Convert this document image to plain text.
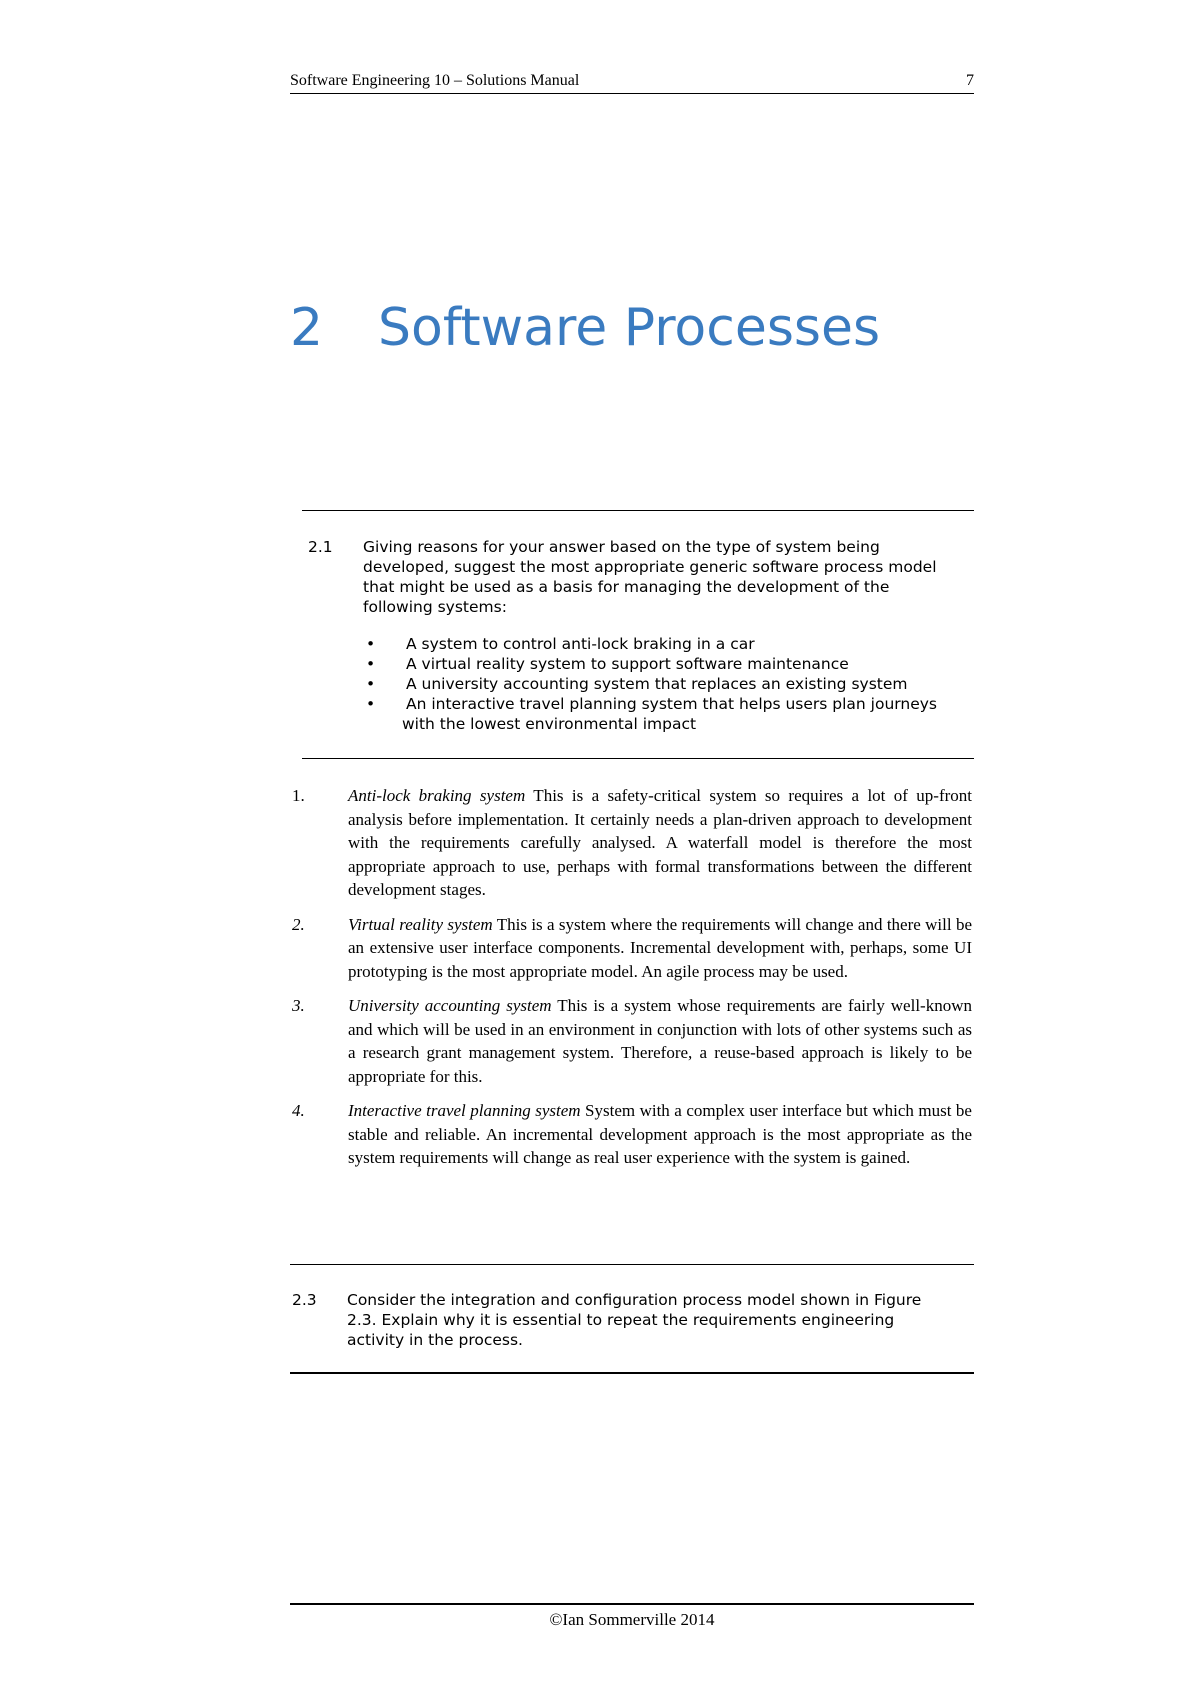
Software Engineering 10 – Solutions Manual	7
2 Software Processes
2.1 Giving reasons for your answer based on the type of system being
developed, suggest the most appropriate generic software process model
that might be used as a basis for managing the development of the
following systems:
• A system to control anti-lock braking in a car
• A virtual reality system to support software maintenance
• A university accounting system that replaces an existing system
• An interactive travel planning system that helps users plan journeys
with the lowest environmental impact
1.	Anti-lock braking system This is a safety-critical system so requires a lot of up-front analysis before implementation. It certainly needs a plan-driven approach to development with the requirements carefully analysed. A waterfall model is therefore the most appropriate approach to use, perhaps with formal transformations between the different development stages.
2.	Virtual reality system This is a system where the requirements will change and there will be an extensive user interface components. Incremental development with, perhaps, some UI prototyping is the most appropriate model. An agile process may be used.
3.	University accounting system This is a system whose requirements are fairly well-known and which will be used in an environment in conjunction with lots of other systems such as a research grant management system. Therefore, a reuse-based approach is likely to be appropriate for this.
4.	Interactive travel planning system System with a complex user interface but which must be stable and reliable. An incremental development approach is the most appropriate as the system requirements will change as real user experience with the system is gained.
2.3 Consider the integration and configuration process model shown in Figure
2.3. Explain why it is essential to repeat the requirements engineering
activity in the process.
©Ian Sommerville 2014
